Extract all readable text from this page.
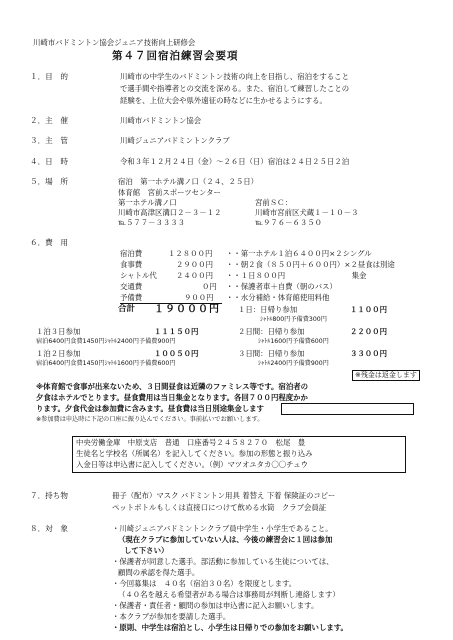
川崎市バドミントン協会ジュニア技術向上研修会
第４７回宿泊練習会要項
１．目　的	川崎市の中学生のバドミントン技術の向上を目指し、宿泊をすること
で選手間や指導者との交流を深める。また、宿泊して練習したことの
経験を、上位大会や県外遠征の時などに生かせるようにする。
２．主　催	川崎市バドミントン協会
３．主　管	川崎ジュニアバドミントンクラブ
４．日　時	令和３年１２月２４日（金）～２６日（日）宿泊は２４日２５日２泊
５．場　所	宿泊　第一ホテル溝ノ口（２４、２５日）
体育館　宮前スポーツセンター
第一ホテル溝ノ口
川崎市高津区溝口２－３－１２
℡５７７－３３３３
宮前ＳＣ：
川崎市宮前区犬蔵１－１０－３
℡９７６－６３５０
６．費　用
宿泊費	１２８００円 ・・第一ホテル１泊６４００円×２シングル
食事費	２９００円 ・・朝２食（８５０円＋６００円）×２昼食は別途
シャトル代	２４００円 ・・１日８００円　　　　　　　　　集金
交通費	０円 ・・保護者車＋自費（朝のバス）
予備費	９００円 ・・水分補給・体育館使用料他
合計 １９０００円 １日：日帰り参加	１１００円
ｼｬﾄﾙ800円予備費300円
１泊３日参加	１１１５０円	２日間：日帰り参加	２２００円
宿泊6400円食費1450円ｼｬﾄﾙ2400円予備費900円	ｼｬﾄﾙ1600円予備費600円
１泊２日参加	１００５０円	３日間：日帰り参加	３３００円
宿泊6400円食費1450円ｼｬﾄﾙ1600円予備費600円	ｼｬﾄﾙ2400円予備費900円
※残金は返金します
※体育館で食事が出来ないため、３日間昼食は近隣のファミレス等です。宿泊者の
夕食はホテルでとります。昼食費用は当日集金となります。各回７００円程度かか
ります。夕食代金は参加費に含みます。昼食費は当日別途集金します
※参加費は申込時に下記の口座に振り込んでください。事前払いでお願いします。
中央労働金庫　中原支店　普通　口座番号２４５８２７０　松尾　豊
生徒名と学校名（所属名）を記入してください。参加の形態と振り込み
入金日等は申込書に記入してください。（例）マツオユタカ〇〇チュウ
７．持ち物	冊子（配布）マスク バドミントン用具 着替え 下着 保険証のコピー
ペットボトルもしくは直接口につけて飲める水筒　クラブ会員証
８．対　象	・川崎ジュニアバドミントンクラブ員中学生・小学生であること。
（現在クラブに参加していない人は、今後の練習会に１回は参加
して下さい）
・保護者が同意した選手。部活動に参加している生徒については、
顧問の承認を得た選手。
・今回募集は　４０名（宿泊３０名）を限度とします。
（４０名を越える希望者がある場合は事務局が判断し連絡します）
・保護者・責任者・顧問の参加は申込書に記入お願いします。
・本クラブが参加を要請した選手。
・原則、中学生は宿泊とし、小学生は日帰りでの参加をお願いします。
